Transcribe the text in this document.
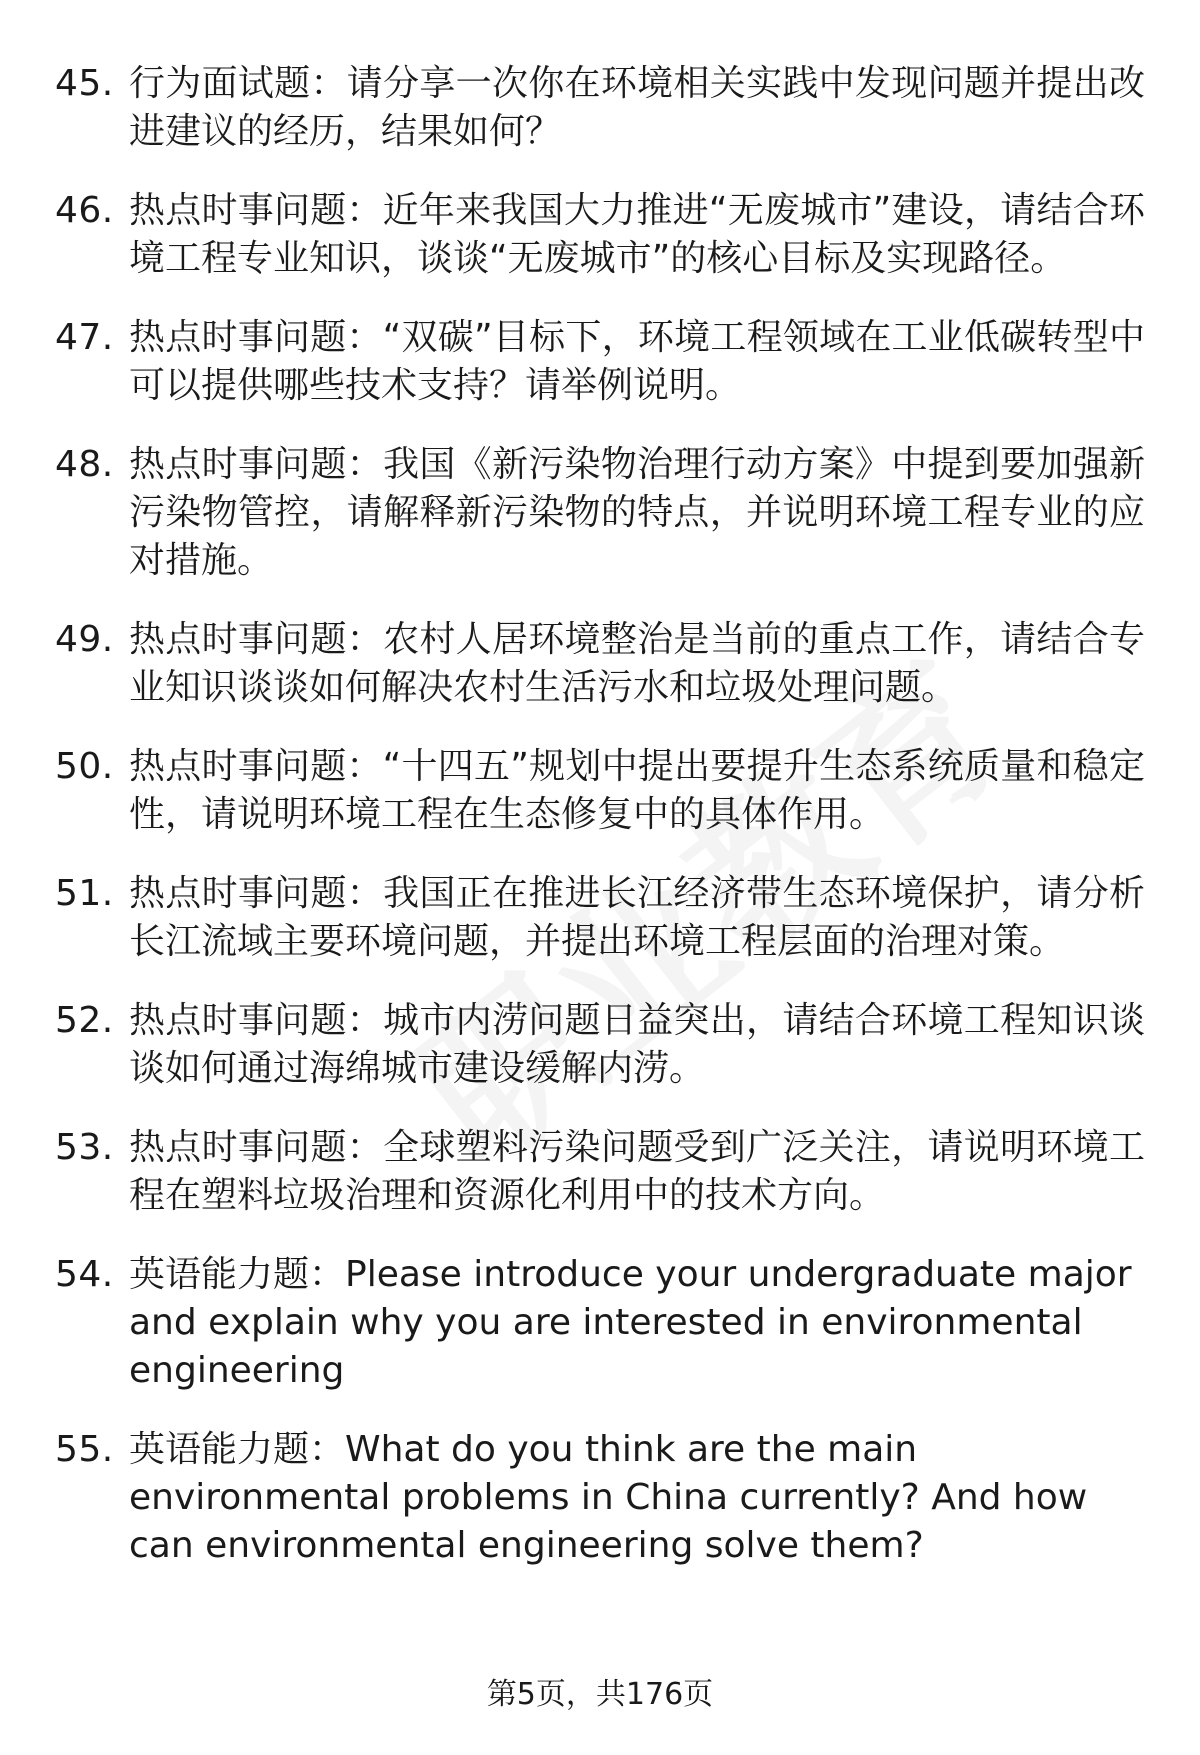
45. 行为面试题：请分享一次你在环境相关实践中发现问题并提出改进建议的经历，结果如何？
46. 热点时事问题：近年来我国大力推进“无废城市”建设，请结合环境工程专业知识，谈谈“无废城市”的核心目标及实现路径。
47. 热点时事问题：“双碳”目标下，环境工程领域在工业低碳转型中可以提供哪些技术支持？请举例说明。
48. 热点时事问题：我国《新污染物治理行动方案》中提到要加强新污染物管控，请解释新污染物的特点，并说明环境工程专业的应对措施。
49. 热点时事问题：农村人居环境整治是当前的重点工作，请结合专业知识谈谈如何解决农村生活污水和垃圾处理问题。
50. 热点时事问题：“十四五”规划中提出要提升生态系统质量和稳定性，请说明环境工程在生态修复中的具体作用。
51. 热点时事问题：我国正在推进长江经济带生态环境保护，请分析长江流域主要环境问题，并提出环境工程层面的治理对策。
52. 热点时事问题：城市内涝问题日益突出，请结合环境工程知识谈谈如何通过海绵城市建设缓解内涝。
53. 热点时事问题：全球塑料污染问题受到广泛关注，请说明环境工程在塑料垃圾治理和资源化利用中的技术方向。
54. 英语能力题：Please introduce your undergraduate major and explain why you are interested in environmental engineering
55. 英语能力题：What do you think are the main environmental problems in China currently? And how can environmental engineering solve them?
第5页，共176页
